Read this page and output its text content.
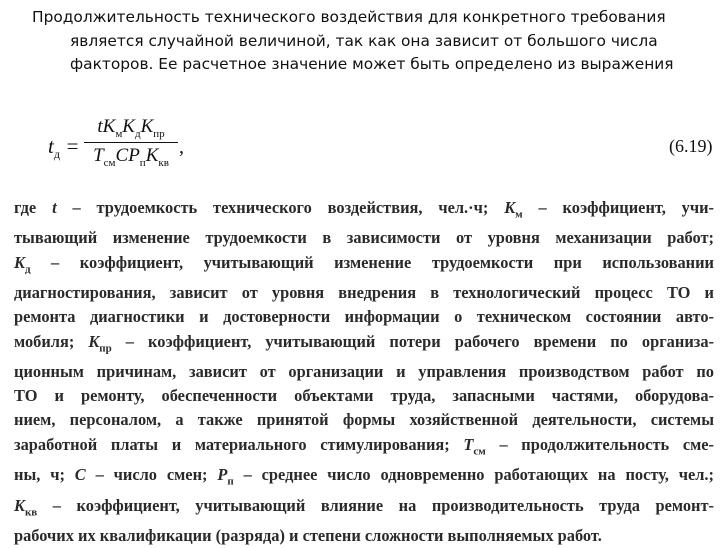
Продолжительность технического воздействия для конкретного требования является случайной величиной, так как она зависит от большого числа факторов. Ее расчетное значение может быть определено из выражения
$t_д$ =
$tK_мK_дK_{пр}$
$T_{см}CP_пK_{кв}$
,	(6.19)
где t – трудоемкость технического воздействия, чел.·ч; $K_м$ – коэффициент, учи-
тывающий изменение трудоемкости в зависимости от уровня механизации работ;
$K_д$ – коэффициент, учитывающий изменение трудоемкости при использовании
диагностирования, зависит от уровня внедрения в технологический процесс ТО и
ремонта диагностики и достоверности информации о техническом состоянии авто-
мобиля; $K_{пр}$ – коэффициент, учитывающий потери рабочего времени по организа-
ционным причинам, зависит от организации и управления производством работ по
ТО и ремонту, обеспеченности объектами труда, запасными частями, оборудова-
нием, персоналом, а также принятой формы хозяйственной деятельности, системы
заработной платы и материального стимулирования; $T_{см}$ – продолжительность сме-
ны, ч; C – число смен; $P_п$ – среднее число одновременно работающих на посту, чел.;
$K_{кв}$ – коэффициент, учитывающий влияние на производительность труда ремонт-
рабочих их квалификации (разряда) и степени сложности выполняемых работ.
